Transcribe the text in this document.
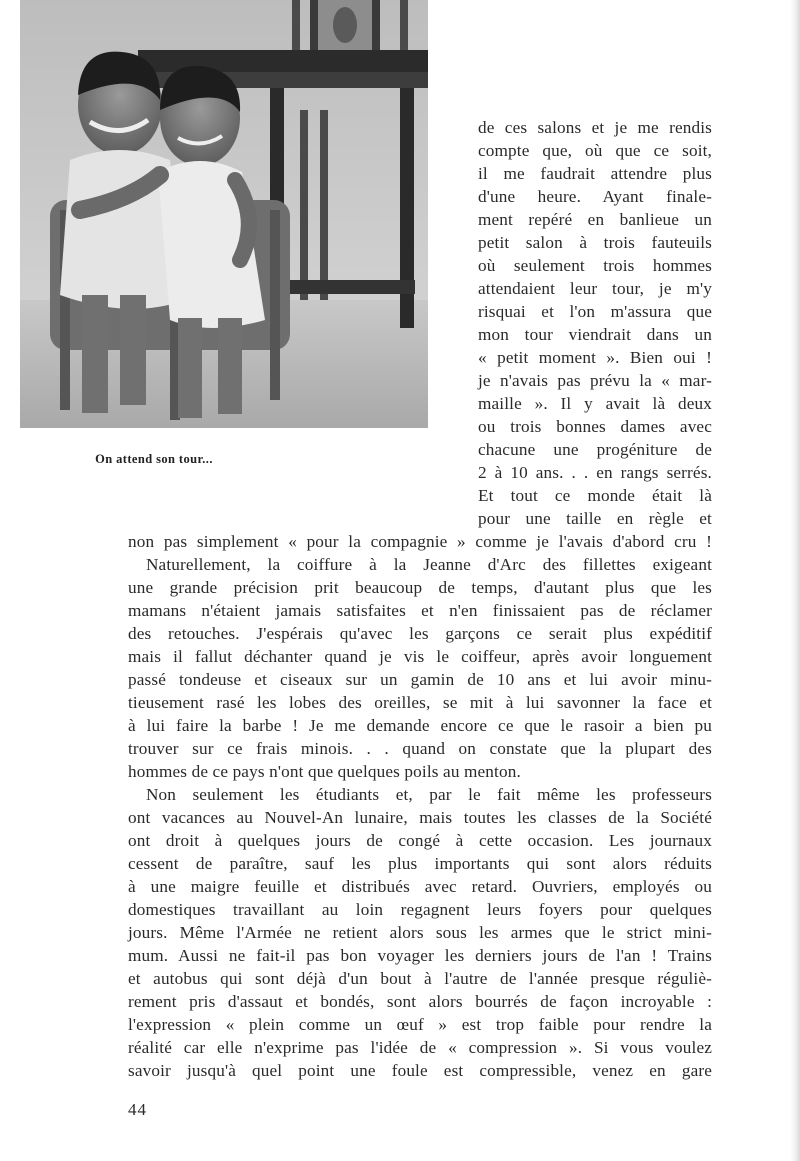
On attend son tour...
de ces salons et je me rendis
compte que, où que ce soit,
il me faudrait attendre plus
d'une heure. Ayant finale-
ment repéré en banlieue un
petit salon à trois fauteuils
où seulement trois hommes
attendaient leur tour, je m'y
risquai et l'on m'assura que
mon tour viendrait dans un
« petit moment ». Bien oui !
je n'avais pas prévu la « mar-
maille ». Il y avait là deux
ou trois bonnes dames avec
chacune une progéniture de
2 à 10 ans. . . en rangs serrés.
Et tout ce monde était là
pour une taille en règle et
non pas simplement « pour la compagnie » comme je l'avais d'abord cru !
Naturellement, la coiffure à la Jeanne d'Arc des fillettes exigeant
une grande précision prit beaucoup de temps, d'autant plus que les
mamans n'étaient jamais satisfaites et n'en finissaient pas de réclamer
des retouches. J'espérais qu'avec les garçons ce serait plus expéditif
mais il fallut déchanter quand je vis le coiffeur, après avoir longuement
passé tondeuse et ciseaux sur un gamin de 10 ans et lui avoir minu-
tieusement rasé les lobes des oreilles, se mit à lui savonner la face et
à lui faire la barbe ! Je me demande encore ce que le rasoir a bien pu
trouver sur ce frais minois. . . quand on constate que la plupart des
hommes de ce pays n'ont que quelques poils au menton.
Non seulement les étudiants et, par le fait même les professeurs
ont vacances au Nouvel-An lunaire, mais toutes les classes de la Société
ont droit à quelques jours de congé à cette occasion. Les journaux
cessent de paraître, sauf les plus importants qui sont alors réduits
à une maigre feuille et distribués avec retard. Ouvriers, employés ou
domestiques travaillant au loin regagnent leurs foyers pour quelques
jours. Même l'Armée ne retient alors sous les armes que le strict mini-
mum. Aussi ne fait-il pas bon voyager les derniers jours de l'an ! Trains
et autobus qui sont déjà d'un bout à l'autre de l'année presque réguliè-
rement pris d'assaut et bondés, sont alors bourrés de façon incroyable :
l'expression « plein comme un œuf » est trop faible pour rendre la
réalité car elle n'exprime pas l'idée de « compression ». Si vous voulez
savoir jusqu'à quel point une foule est compressible, venez en gare
44
